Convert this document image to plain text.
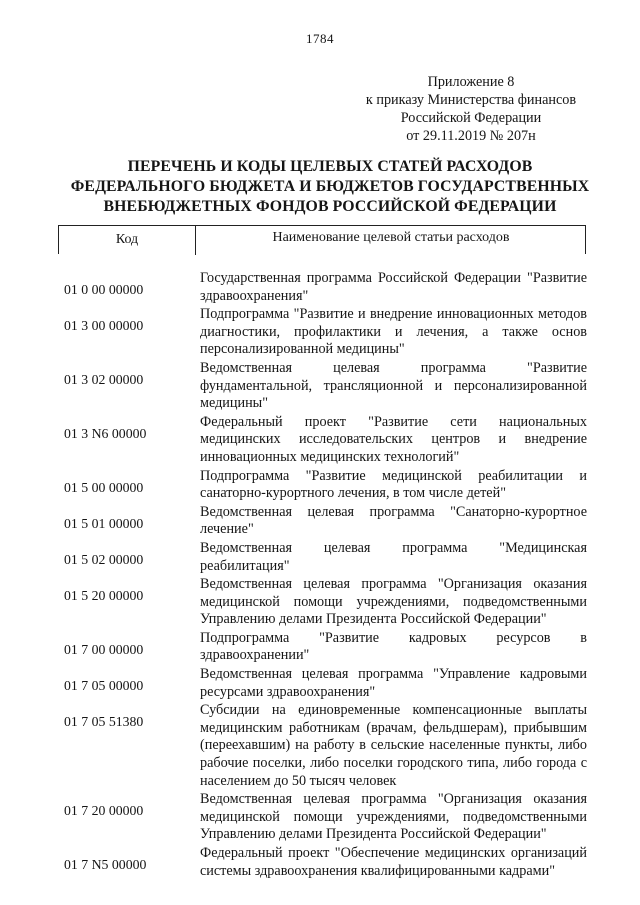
1784
Приложение 8
к приказу Министерства финансов
Российской Федерации
от 29.11.2019 № 207н
ПЕРЕЧЕНЬ И КОДЫ ЦЕЛЕВЫХ СТАТЕЙ РАСХОДОВ
ФЕДЕРАЛЬНОГО БЮДЖЕТА И БЮДЖЕТОВ ГОСУДАРСТВЕННЫХ
ВНЕБЮДЖЕТНЫХ ФОНДОВ РОССИЙСКОЙ ФЕДЕРАЦИИ
Код	Наименование целевой статьи расходов
01 0 00 00000
Государственная программа Российской Федерации "Развитие здравоохранения"
01 3 00 00000
Подпрограмма "Развитие и внедрение инновационных методов диагностики, профилактики и лечения, а также основ персонализированной медицины"
01 3 02 00000
Ведомственная целевая программа "Развитие фундаментальной, трансляционной и персонализированной медицины"
01 3 N6 00000
Федеральный проект "Развитие сети национальных медицинских исследовательских центров и внедрение инновационных медицинских технологий"
01 5 00 00000
Подпрограмма "Развитие медицинской реабилитации и санаторно-курортного лечения, в том числе детей"
01 5 01 00000
Ведомственная целевая программа "Санаторно-курортное лечение"
01 5 02 00000
Ведомственная целевая программа "Медицинская реабилитация"
01 5 20 00000
Ведомственная целевая программа "Организация оказания медицинской помощи учреждениями, подведомственными Управлению делами Президента Российской Федерации"
01 7 00 00000
Подпрограмма "Развитие кадровых ресурсов в здравоохранении"
01 7 05 00000
Ведомственная целевая программа "Управление кадровыми ресурсами здравоохранения"
01 7 05 51380
Субсидии на единовременные компенсационные выплаты медицинским работникам (врачам, фельдшерам), прибывшим (переехавшим) на работу в сельские населенные пункты, либо рабочие поселки, либо поселки городского типа, либо города с населением до 50 тысяч человек
01 7 20 00000
Ведомственная целевая программа "Организация оказания медицинской помощи учреждениями, подведомственными Управлению делами Президента Российской Федерации"
01 7 N5 00000
Федеральный проект "Обеспечение медицинских организаций системы здравоохранения квалифицированными кадрами"
